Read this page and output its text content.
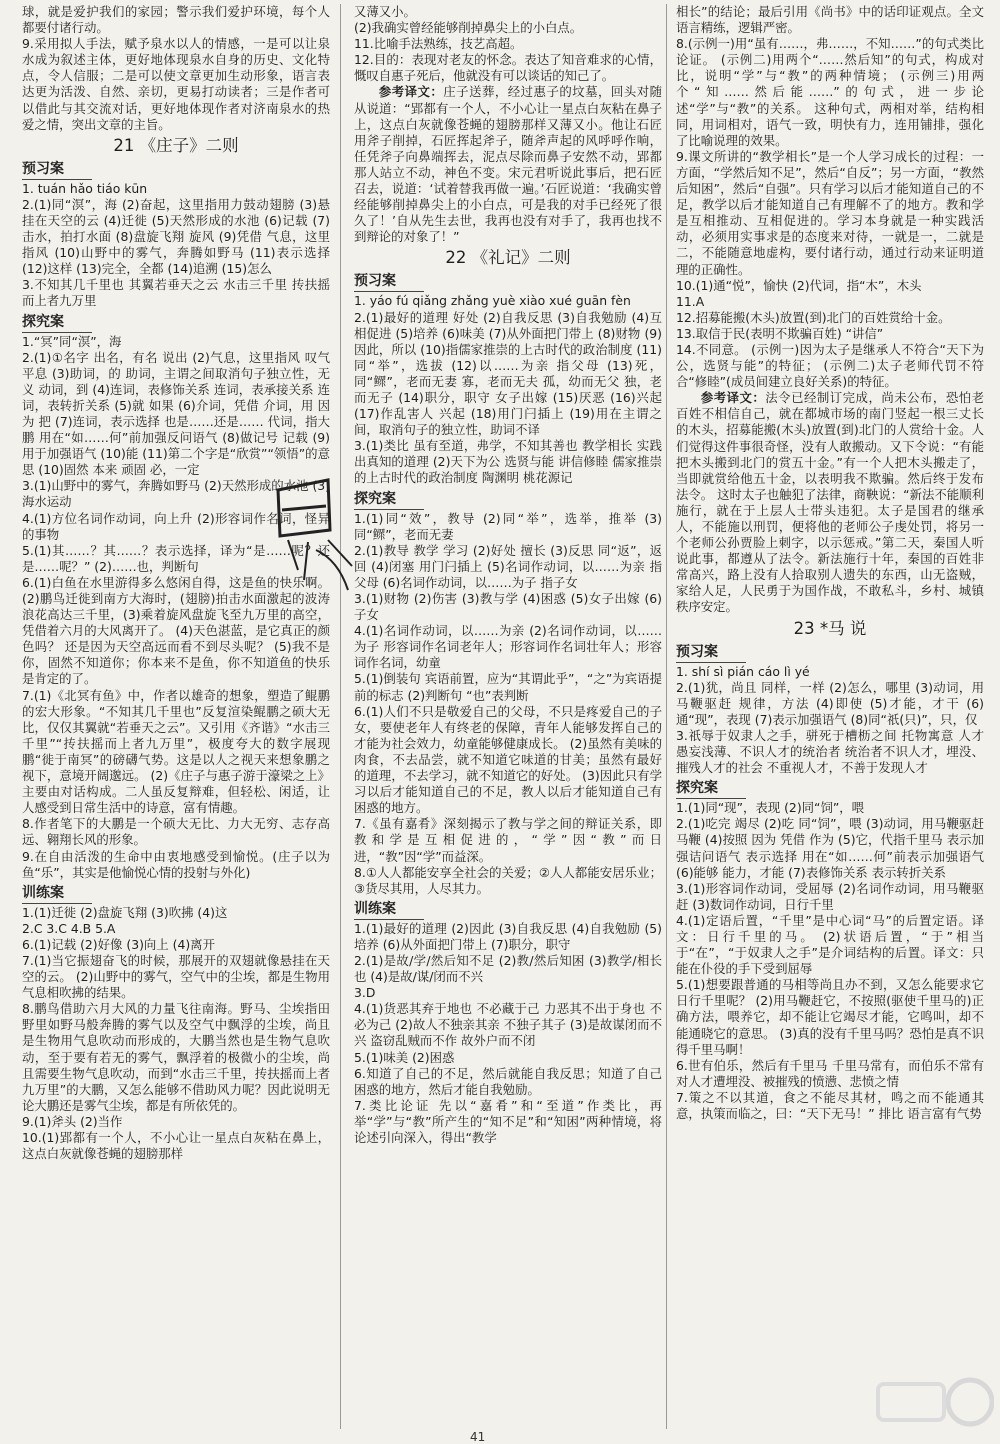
球，就是爱护我们的家园；警示我们爱护环境，每个人都要付诸行动。
9.采用拟人手法，赋予泉水以人的情感，一是可以让泉水成为叙述主体，更好地体现泉水自身的历史、文化特点，令人信服；二是可以使文章更加生动形象，语言表达更为活泼、自然、亲切，更易打动读者；三是作者可以借此与其交流对话，更好地体现作者对济南泉水的热爱之情，突出文章的主旨。
21 《庄子》二则
预习案
1. tuán hǎo tiáo kūn
2.(1)同“溟”，海 (2)奋起，这里指用力鼓动翅膀 (3)悬挂在天空的云 (4)迁徙 (5)天然形成的水池 (6)记载 (7)击水，拍打水面 (8)盘旋飞翔 旋风 (9)凭借 气息，这里指风 (10)山野中的雾气，奔腾如野马 (11)表示选择 (12)这样 (13)完全，全都 (14)追溯 (15)怎么
3.不知其几千里也 其翼若垂天之云 水击三千里 抟扶摇而上者九万里
探究案
1.“冥”同“溟”，海
2.(1)①名字 出名，有名 说出 (2)气息，这里指风 叹气 平息 (3)助词，的 助词，主谓之间取消句子独立性，无义 动词，到 (4)连词，表修饰关系 连词，表承接关系 连词，表转折关系 (5)就 如果 (6)介词，凭借 介词，用 因为 把 (7)连词，表示选择 也是……还是…… 代词，指大鹏 用在“如……何”前加强反问语气 (8)做记号 记载 (9)用于加强语气 (10)能 (11)第二个字是“欣赏”“领悟”的意思 (10)固然 本来 顽固 必，一定
3.(1)山野中的雾气，奔腾如野马 (2)天然形成的水池 (3)海水运动
4.(1)方位名词作动词，向上升 (2)形容词作名词，怪异的事物
5.(1)其……？其……？表示选择，译为“是……呢？还是……呢？” (2)……也，判断句
6.(1)白鱼在水里游得多么悠闲自得，这是鱼的快乐啊。 (2)鹏鸟迁徙到南方大海时，(翅膀)拍击水面激起的波涛浪花高达三千里，(3)乘着旋风盘旋飞至九万里的高空，凭借着六月的大风离开了。 (4)天色湛蓝，是它真正的颜色吗？ 还是因为天空高远而看不到尽头呢？ (5)我不是你，固然不知道你；你本来不是鱼，你不知道鱼的快乐是肯定的了。
7.(1)《北冥有鱼》中，作者以雄奇的想象，塑造了鲲鹏的宏大形象。“不知其几千里也”反复渲染鲲鹏之硕大无比，仅仅其翼就“若垂天之云”。又引用《齐谐》“水击三千里”“抟扶摇而上者九万里”，极度夸大的数字展现鹏“徙于南冥”的磅礴气势。这是以人之视天来想象鹏之视下，意境开阔邈远。 (2)《庄子与惠子游于濠梁之上》主要由对话构成。二人虽反复辩难，但轻松、闲适，让人感受到日常生活中的诗意，富有情趣。
8.作者笔下的大鹏是一个硕大无比、力大无穷、志存高远、翱翔长风的形象。
9.在自由活泼的生命中由衷地感受到愉悦。(庄子以为鱼“乐”，其实是他愉悦心情的投射与外化)
训练案
1.(1)迁徙 (2)盘旋飞翔 (3)吹拂 (4)这
2.C 3.C 4.B 5.A
6.(1)记载 (2)好像 (3)向上 (4)离开
7.(1)当它振翅奋飞的时候，那展开的双翅就像悬挂在天空的云。 (2)山野中的雾气，空气中的尘埃，都是生物用气息相吹拂的结果。
8.鹏鸟借助六月大风的力量飞往南海。野马、尘埃指田野里如野马般奔腾的雾气以及空气中飘浮的尘埃，尚且是生物用气息吹动而形成的，大鹏当然也是生物气息吹动，至于要有若无的雾气，飘浮着的极微小的尘埃，尚且需要生物气息吹动，而到“水击三千里，抟扶摇而上者九万里”的大鹏，又怎么能够不借助风力呢？因此说明无论大鹏还是雾气尘埃，都是有所依凭的。
9.(1)斧头 (2)当作
10.(1)郢都有一个人，不小心让一星点白灰粘在鼻上，这点白灰就像苍蝇的翅膀那样
又薄又小。
(2)我确实曾经能够削掉鼻尖上的小白点。
11.比喻手法熟练，技艺高超。
12.目的：表现对老友的怀念。表达了知音难求的心情，慨叹自惠子死后，他就没有可以谈话的知己了。
参考译文：庄子送葬，经过惠子的坟墓，回头对随从说道：“郢都有一个人，不小心让一星点白灰粘在鼻子上，这点白灰就像苍蝇的翅膀那样又薄又小。他让石匠用斧子削掉，石匠挥起斧子，随斧声起的风呼呼作响，任凭斧子向鼻端挥去，泥点尽除而鼻子安然不动，郢都那人站立不动，神色不变。宋元君听说此事后，把石匠召去，说道：‘试着替我再做一遍。’石匠说道：‘我确实曾经能够削掉鼻尖上的小白点，可是我的对手已经死了很久了！’自从先生去世，我再也没有对手了，我再也找不到辩论的对象了！”
22 《礼记》二则
预习案
1. yáo fú qiǎng zhǎng yuè xiào xué guān fèn
2.(1)最好的道理 好处 (2)自我反思 (3)自我勉励 (4)互相促进 (5)培养 (6)味美 (7)从外面把门带上 (8)财物 (9)因此，所以 (10)指儒家推崇的上古时代的政治制度 (11)同“举”，选拔 (12)以……为亲 指父母 (13)死，同“鳏”，老而无妻 寡，老而无夫 孤，幼而无父 独，老而无子 (14)职分，职守 女子出嫁 (15)厌恶 (16)兴起 (17)作乱害人 兴起 (18)用门闩插上 (19)用在主谓之间，取消句子的独立性，助词不译
3.(1)类比 虽有至道，弗学，不知其善也 教学相长 实践出真知的道理 (2)天下为公 选贤与能 讲信修睦 儒家推崇的上古时代的政治制度 陶渊明 桃花源记
探究案
1.(1)同“效”，教导 (2)同“举”，选举，推举 (3)同“鳏”，老而无妻
2.(1)教导 教学 学习 (2)好处 擅长 (3)反思 同“返”，返回 (4)闭塞 用门闩插上 (5)名词作动词，以……为亲 指父母 (6)名词作动词，以……为子 指子女
3.(1)财物 (2)伤害 (3)教与学 (4)困惑 (5)女子出嫁 (6)子女
4.(1)名词作动词，以……为亲 (2)名词作动词，以……为子 形容词作名词老年人；形容词作名词壮年人；形容词作名词，幼童
5.(1)倒装句 宾语前置，应为“其谓此乎”，“之”为宾语提前的标志 (2)判断句 “也”表判断
6.(1)人们不只是敬爱自己的父母，不只是疼爱自己的子女，要使老年人有终老的保障，青年人能够发挥自己的才能为社会效力，幼童能够健康成长。 (2)虽然有美味的肉食，不去品尝，就不知道它味道的甘美；虽然有最好的道理，不去学习，就不知道它的好处。 (3)因此只有学习以后才能知道自己的不足，教人以后才能知道自己有困惑的地方。
7.《虽有嘉肴》深刻揭示了教与学之间的辩证关系，即教和学是互相促进的，“学”因“教”而日进，“教”因“学”而益深。
8.①人人都能安享全社会的关爱；②人人都能安居乐业；③货尽其用，人尽其力。
训练案
1.(1)最好的道理 (2)因此 (3)自我反思 (4)自我勉励 (5)培养 (6)从外面把门带上 (7)职分，职守
2.(1)是故/学/然后知不足 (2)教/然后知困 (3)教学/相长也 (4)是故/谋/闭而不兴
3.D
4.(1)货恶其弃于地也 不必藏于己 力恶其不出于身也 不必为己 (2)故人不独亲其亲 不独子其子 (3)是故谋闭而不兴 盗窃乱贼而不作 故外户而不闭
5.(1)味美 (2)困惑
6.知道了自己的不足，然后就能自我反思；知道了自己困惑的地方，然后才能自我勉励。
7.类比论证 先以“嘉肴”和“至道”作类比，再举“学”与“教”所产生的“知不足”和“知困”两种情境，将论述引向深入，得出“教学
相长”的结论；最后引用《尚书》中的话印证观点。全文语言精练，逻辑严密。
8.(示例一)用“虽有……，弗……，不知……”的句式类比论证。 (示例二)用两个“……然后知”的句式，构成对比，说明“学”与“教”的两种情境； (示例三)用两个“知……然后能……”的句式，进一步论述“学”与“教”的关系。 这种句式，两相对举，结构相同，用词相对，语气一致，明快有力，连用铺排，强化了比喻说理的效果。
9.课文所讲的“教学相长”是一个人学习成长的过程：一方面，“学然后知不足”，然后“自反”；另一方面，“教然后知困”，然后“自强”。只有学习以后才能知道自己的不足，教学以后才能知道自己有理解不了的地方。教和学是互相推动、互相促进的。学习本身就是一种实践活动，必须用实事求是的态度来对待，一就是一，二就是二，不能随意地虚构，要付诸行动，通过行动来证明道理的正确性。
10.(1)通“悦”，愉快 (2)代词，指“木”，木头
11.A
12.招募能搬(木头)放置(到)北门的百姓赏给十金。
13.取信于民(表明不欺骗百姓) “讲信”
14.不同意。 (示例一)因为太子是继承人不符合“天下为公，选贤与能”的特征； (示例二)太子老师代罚不符合“修睦”(成员间建立良好关系)的特征。
参考译文：法令已经制订完成，尚未公布，恐怕老百姓不相信自己，就在都城市场的南门竖起一根三丈长的木头，招募能搬(木头)放置(到)北门的人赏给十金。人们觉得这件事很奇怪，没有人敢搬动。又下令说：“有能把木头搬到北门的赏五十金。”有一个人把木头搬走了，当即就赏给他五十金，以表明我不欺骗。然后终于发布法令。 这时太子也触犯了法律，商鞅说：“新法不能顺利施行，就在于上层人士带头违犯。太子是国君的继承人，不能施以刑罚，便将他的老师公子虔处罚，将另一个老师公孙贾脸上刺字，以示惩戒。”第二天，秦国人听说此事，都遵从了法令。新法施行十年，秦国的百姓非常高兴，路上没有人拾取别人遗失的东西，山无盗贼，家给人足，人民勇于为国作战，不敢私斗，乡村、城镇秩序安定。
23 *马 说
预习案
1. shí sì pián cáo lì yé
2.(1)犹，尚且 同样，一样 (2)怎么，哪里 (3)动词，用马鞭驱赶 规律，方法 (4)即使 (5)才能，才干 (6)通“现”，表现 (7)表示加强语气 (8)同“祇(只)”，只，仅
3.祇辱于奴隶人之手，骈死于槽枥之间 托物寓意 人才 愚妄浅薄、不识人才的统治者 统治者不识人才，埋没、摧残人才的社会 不重视人才，不善于发现人才
探究案
1.(1)同“现”，表现 (2)同“饲”，喂
2.(1)吃完 竭尽 (2)吃 同“饲”，喂 (3)动词，用马鞭驱赶 马鞭 (4)按照 因为 凭借 作为 (5)它，代指千里马 表示加强诘问语气 表示选择 用在“如……何”前表示加强语气 (6)能够 能力，才能 (7)表修饰关系 表示转折关系
3.(1)形容词作动词，受屈辱 (2)名词作动词，用马鞭驱赶 (3)数词作动词，日行千里
4.(1)定语后置，“千里”是中心词“马”的后置定语。译文：日行千里的马。 (2)状语后置，“于”相当于“在”，“于奴隶人之手”是介词结构的后置。译文：只能在仆役的手下受到屈辱
5.(1)想要跟普通的马相等尚且办不到，又怎么能要求它日行千里呢？ (2)用马鞭赶它，不按照(驱使千里马的)正确方法，喂养它，却不能让它竭尽才能，它鸣叫，却不能通晓它的意思。 (3)真的没有千里马吗？恐怕是真不识得千里马啊！
6.世有伯乐，然后有千里马 千里马常有，而伯乐不常有 对人才遭埋没、被摧残的愤懑、悲愤之情
7.策之不以其道，食之不能尽其材，鸣之而不能通其意，执策而临之，曰：“天下无马！” 排比 语言富有气势
41
